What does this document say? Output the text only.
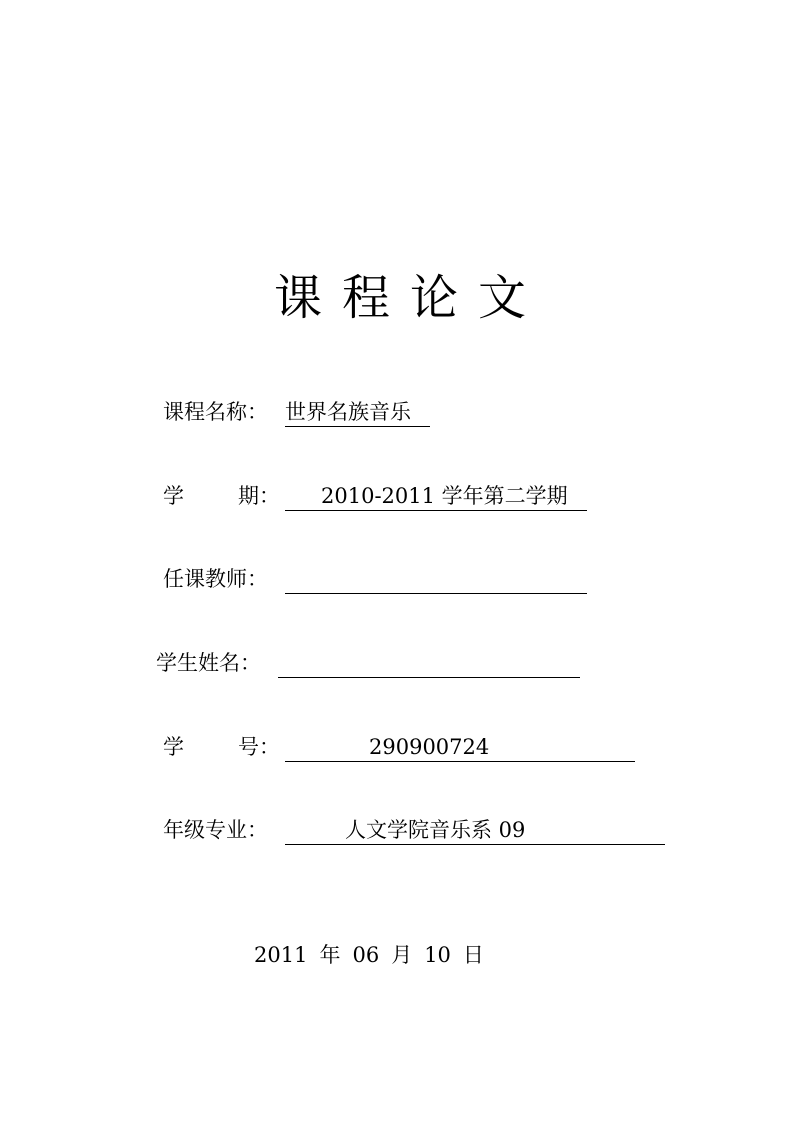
课程论文
课程名称： 世界名族音乐
学	期 ： 2010-2011 学年第二学期
任课教师：
学生姓名：
学	号 ：	290900724
年级专业：	人文学院音乐系 09
2011 年 06 月 10 日
